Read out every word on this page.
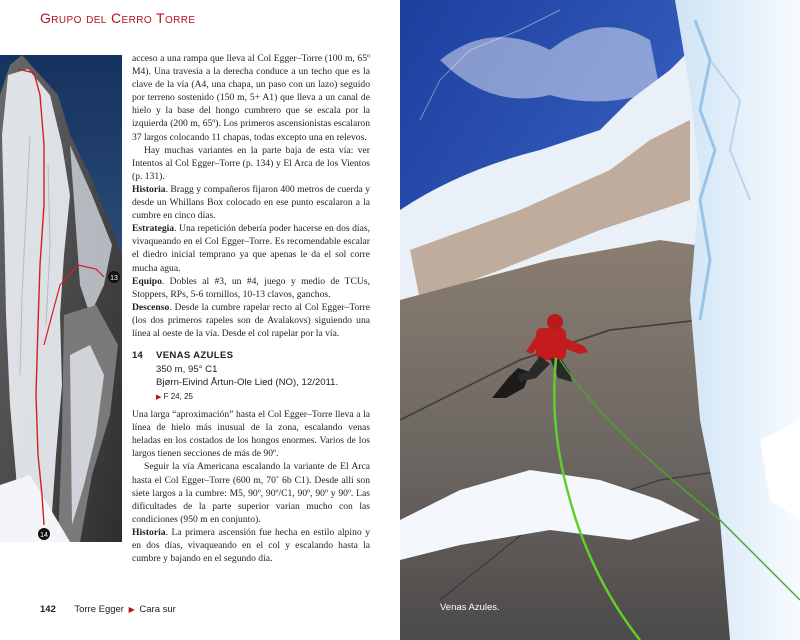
Grupo del Cerro Torre
13
14

acceso a una rampa que lleva al Col Egger–Torre (100 m, 65º M4). Una travesía a la derecha conduce a un techo que es la clave de la vía (A4, una chapa, un paso con un lazo) seguido por terreno sostenido (150 m, 5+ A1) que lleva a un canal de hielo y la base del hongo cumbrero que se escala por la izquierda (200 m, 65º). Los primeros ascensionistas escalaron 37 largos colocando 11 chapas, todas excepto una en relevos.

Hay muchas variantes en la parte baja de esta vía: ver Intentos al Col Egger–Torre (p. 134) y El Arca de los Vientos (p. 131).

Historia. Bragg y compañeros fijaron 400 metros de cuerda y desde un Whillans Box colocado en ese punto escalaron a la cumbre en cinco días.

Estrategia. Una repetición debería poder hacerse en dos días, vivaqueando en el Col Egger–Torre. Es recomendable escalar el diedro inicial temprano ya que apenas le da el sol corre mucha agua.

Equipo. Dobles al #3, un #4, juego y medio de TCUs, Stoppers, RPs, 5-6 tornillos, 10-13 clavos, ganchos.

Descenso. Desde la cumbre rapelar recto al Col Egger–Torre (los dos primeros rapeles son de Avalakovs) siguiendo una línea al oeste de la vía. Desde el col rapelar por la vía.

14 VENAS AZULES
350 m, 95° C1
Bjørn-Eivind Årtun-Ole Lied (NO), 12/2011.
▶ F 24, 25

Una larga “aproximación” hasta el Col Egger–Torre lleva a la línea de hielo más inusual de la zona, escalando venas heladas en los costados de los hongos enormes. Varios de los largos tienen secciones de más de 90º.

Seguir la vía Americana escalando la variante de El Arca hasta el Col Egger–Torre (600 m, 70˚ 6b C1). Desde allí son siete largos a la cumbre: M5, 90º, 90º/C1, 90º, 90º y 90º. Las dificultades de la parte superior varían mucho con las condiciones (950 m en conjunto).

Historia. La primera ascensión fue hecha en estilo alpino y en dos días, vivaqueando en el col y escalando hasta la cumbre y bajando en el segundo día.

142 Torre Egger ▶ Cara sur	Venas Azules.
